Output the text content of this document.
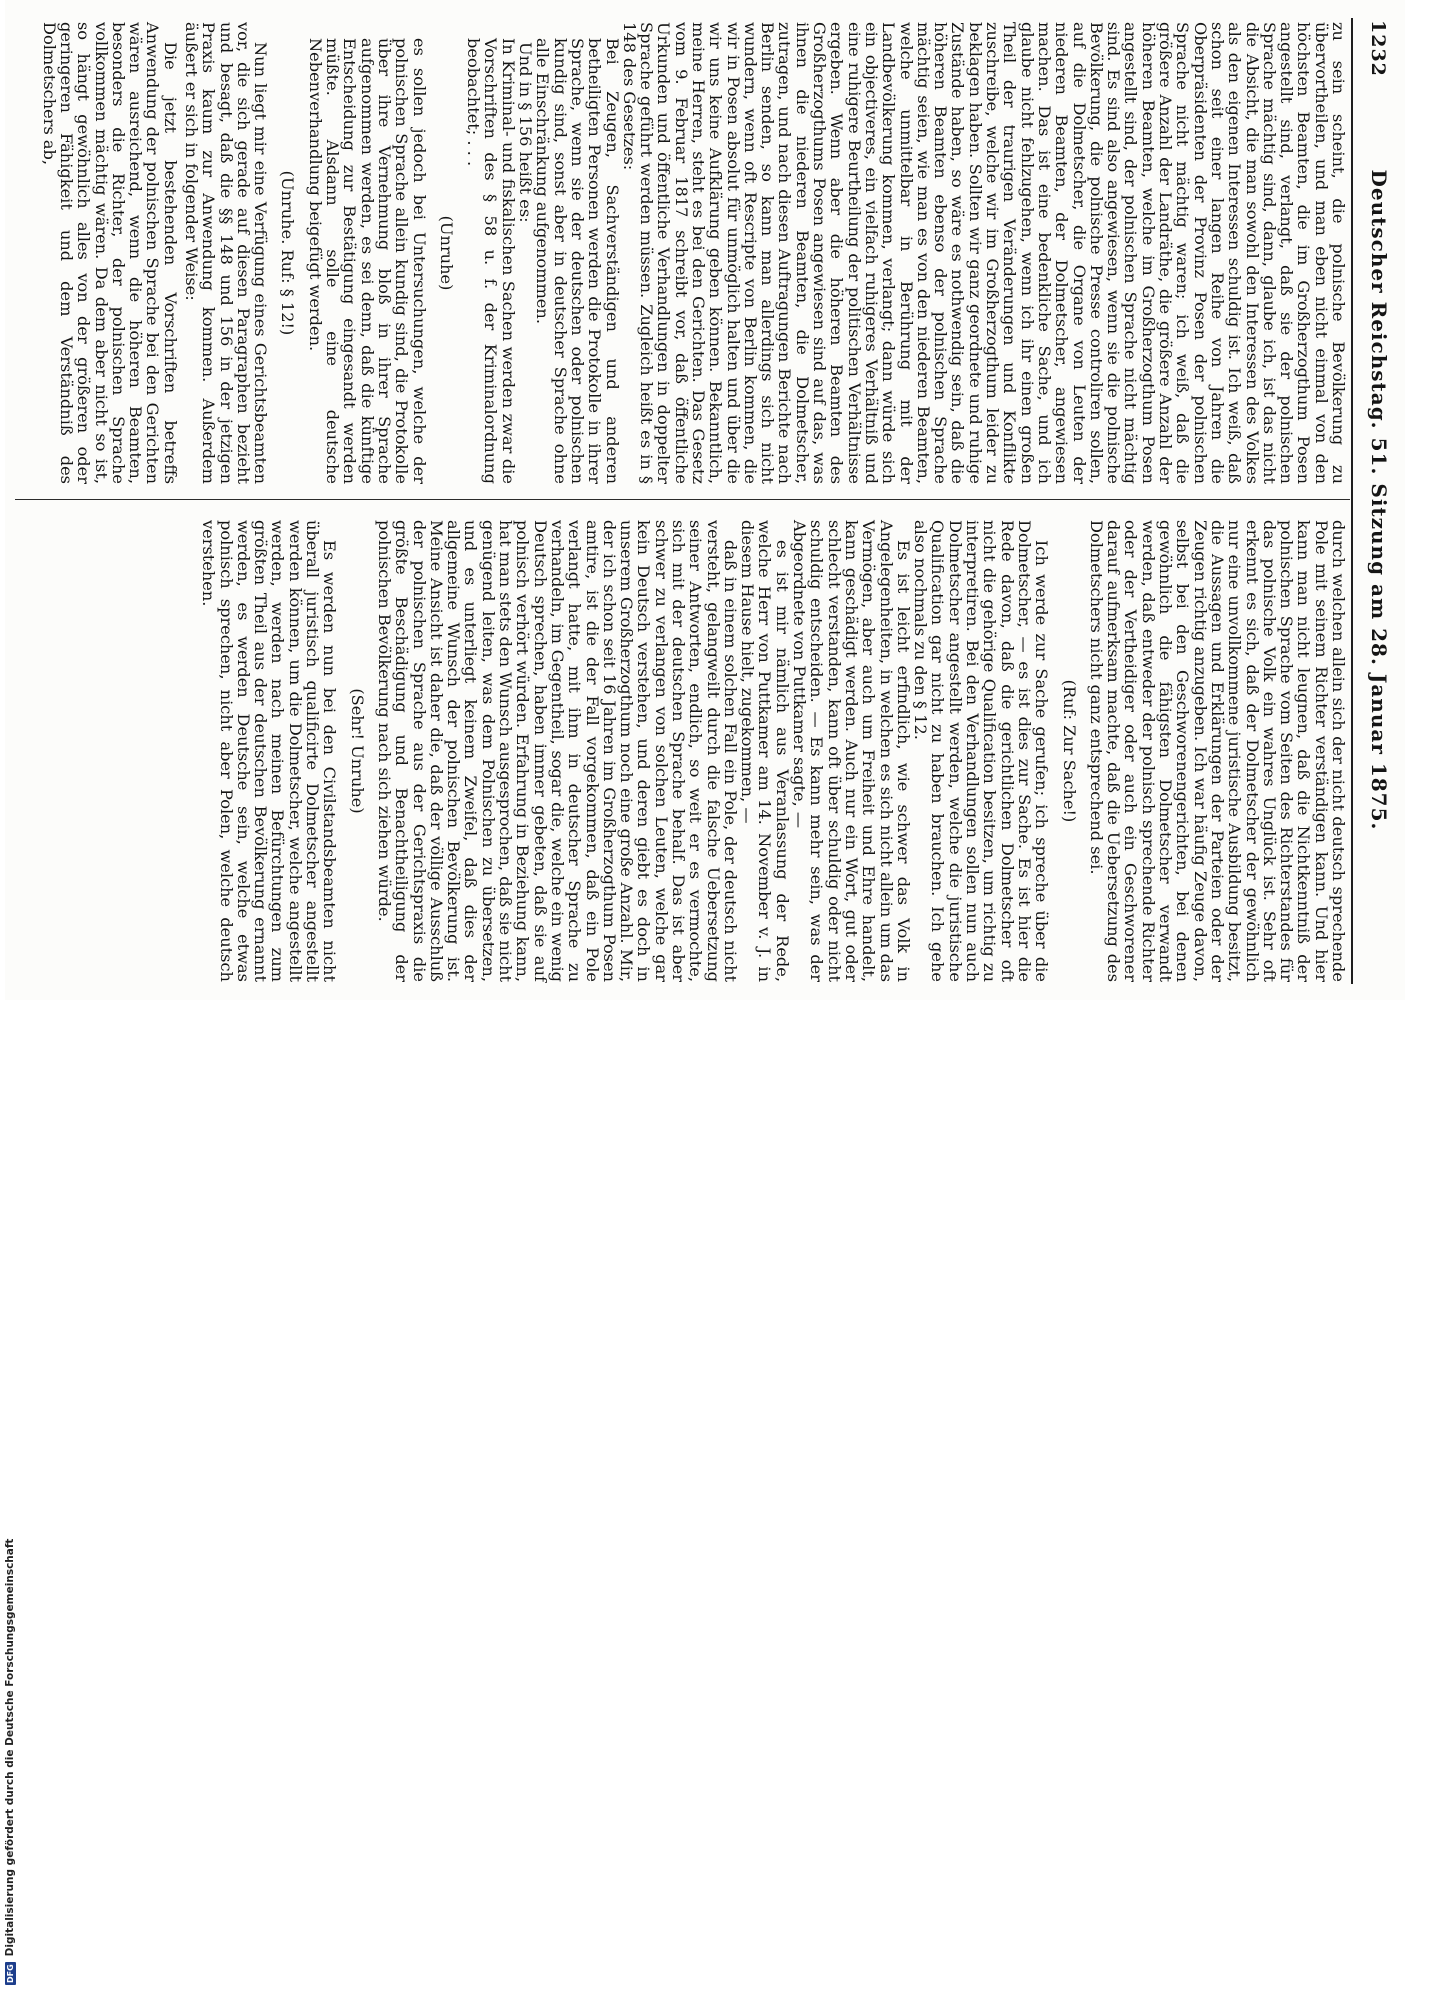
1232
Deutscher Reichstag. 51. Sitzung am 28. Januar 1875.

zu sein scheint, die polnische Bevölkerung zu übervortheilen, und man eben nicht einmal von den höchsten Beamten, die im Großherzogthum Posen angestellt sind, verlangt, daß sie der polnischen Sprache mächtig sind, dann, glaube ich, ist das nicht die Absicht, die man sowohl den Interessen des Volkes als den eigenen Interessen schuldig ist. Ich weiß, daß schon seit einer langen Reihe von Jahren die Oberpräsidenten der Provinz Posen der polnischen Sprache nicht mächtig waren; ich weiß, daß die größere Anzahl der Landräthe, die größere Anzahl der höheren Beamten, welche im Großherzogthum Posen angestellt sind, der polnischen Sprache nicht mächtig sind. Es sind also angewiesen, wenn sie die polnische Bevölkerung, die polnische Presse controliren sollen, auf die Dolmetscher, die Organe von Leuten der niederen Beamten, der Dolmetscher, angewiesen machen. Das ist eine bedenkliche Sache, und ich glaube nicht fehlzugehen, wenn ich ihr einen großen Theil der traurigen Veränderungen und Konflikte zuschreibe, welche wir im Großherzogthum leider zu beklagen haben. Sollten wir ganz geordnete und ruhige Zustände haben, so wäre es nothwendig sein, daß die höheren Beamten ebenso der polnischen Sprache mächtig seien, wie man es von den niederen Beamten, welche unmittelbar in Berührung mit der Landbevölkerung kommen, verlangt; dann würde sich ein objectiveres, ein vielfach ruhigeres Verhältniß und eine ruhigere Beurtheilung der politischen Verhältnisse ergeben. Wenn aber die höheren Beamten des Großherzogthums Posen angewiesen sind auf das, was ihnen die niederen Beamten, die Dolmetscher, zutragen, und nach diesen Auftragungen Berichte nach Berlin senden, so kann man allerdings sich nicht wundern, wenn oft Rescripte von Berlin kommen, die wir in Posen absolut für unmöglich halten und über die wir uns keine Aufklärung geben können. Bekanntlich, meine Herren, steht es bei den Gerichten. Das Gesetz vom 9. Februar 1817 schreibt vor, daß öffentliche Urkunden und öffentliche Verhandlungen in doppelter Sprache geführt werden müssen. Zugleich heißt es in § 148 des Gesetzes:

Bei Zeugen, Sachverständigen und anderen betheiligten Personen werden die Protokolle in ihrer Sprache, wenn sie der deutschen oder polnischen kundig sind, sonst aber in deutscher Sprache ohne alle Einschränkung aufgenommen.

Und in § 156 heißt es:

In Kriminal- und fiskalischen Sachen werden zwar die Vorschriften des § 58 u. f. der Kriminalordnung beobachtet; . . .

(Unruhe)

es sollen jedoch bei Untersuchungen, welche der polnischen Sprache allein kundig sind, die Protokolle über ihre Vernehmung bloß in ihrer Sprache aufgenommen werden, es sei denn, daß die künftige Entscheidung zur Bestätigung eingesandt werden müßte. Alsdann solle eine deutsche Nebenverhandlung beigefügt werden.

(Unruhe. Ruf: § 12!)

Nun liegt mir eine Verfügung eines Gerichtsbeamten vor, die sich gerade auf diesen Paragraphen bezieht und besagt, daß die §§ 148 und 156 in der jetzigen Praxis kaum zur Anwendung kommen. Außerdem äußert er sich in folgender Weise:

Die jetzt bestehenden Vorschriften betreffs Anwendung der polnischen Sprache bei den Gerichten wären ausreichend, wenn die höheren Beamten, besonders die Richter, der polnischen Sprache vollkommen mächtig wären. Da dem aber nicht so ist, so hängt gewöhnlich alles von der größeren oder geringeren Fähigkeit und dem Verständniß des Dolmetschers ab,

durch welchen allein sich der nicht deutsch sprechende Pole mit seinem Richter verständigen kann. Und hier kann man nicht leugnen, daß die Nichtkenntniß der polnischen Sprache vom Seiten des Richterstandes für das polnische Volk ein wahres Unglück ist. Sehr oft erkennt es sich, daß der Dolmetscher der gewöhnlich nur eine unvollkommene juristische Ausbildung besitzt, die Aussagen und Erklärungen der Parteien oder der Zeugen richtig anzugeben. Ich war häufig Zeuge davon, selbst bei den Geschworenengerichten, bei denen gewöhnlich die fähigsten Dolmetscher verwandt werden, daß entweder der polnisch sprechende Richter oder der Vertheidiger oder auch ein Geschworener darauf aufmerksam machte, daß die Uebersetzung des Dolmetschers nicht ganz entsprechend sei.

(Ruf: Zur Sache!)

Ich werde zur Sache gerufen; ich spreche über die Dolmetscher, — es ist dies zur Sache. Es ist hier die Rede davon, daß die gerichtlichen Dolmetscher oft nicht die gehörige Qualification besitzen, um richtig zu interpretiren. Bei den Verhandlungen sollen nun auch Dolmetscher angestellt werden, welche die juristische Qualification gar nicht zu haben brauchen. Ich gehe also nochmals zu den § 12.

Es ist leicht erfindlich, wie schwer das Volk in Angelegenheiten, in welchen es sich nicht allein um das Vermögen, aber auch um Freiheit und Ehre handelt, kann geschädigt werden. Auch nur ein Wort, gut oder schlecht verstanden, kann oft über schuldig oder nicht schuldig entscheiden. — Es kann mehr sein, was der Abgeordnete von Puttkamer sagte, —

es ist mir nämlich aus Veranlassung der Rede, welche Herr von Puttkamer am 14. November v. J. in diesem Hause hielt, zugekommen, —

daß in einem solchen Fall ein Pole, der deutsch nicht versteht, gelangweilt durch die falsche Uebersetzung seiner Antworten, endlich, so weit er es vermochte, sich mit der deutschen Sprache behalf. Das ist aber schwer zu verlangen von solchen Leuten, welche gar kein Deutsch verstehen, und deren giebt es doch in unserem Großherzogthum noch eine große Anzahl. Mir, der ich schon seit 16 Jahren im Großherzogthum Posen amtire, ist die der Fall vorgekommen, daß ein Pole verlangt hatte, mit ihm in deutscher Sprache zu verhandeln, im Gegentheil, sogar die, welche ein wenig Deutsch sprechen, haben immer gebeten, daß sie auf polnisch verhört würden. Erfahrung in Beziehung kann, hat man stets den Wunsch ausgesprochen, daß sie nicht genügend leiten, was dem Polnischen zu übersetzen, und es unterliegt keinem Zweifel, daß dies der allgemeine Wunsch der polnischen Bevölkerung ist. Meine Ansicht ist daher die, daß der völlige Ausschluß der polnischen Sprache aus der Gerichtspraxis die größte Beschädigung und Benachtheiligung der polnischen Bevölkerung nach sich ziehen würde.

(Sehr! Unruhe)

Es werden nun bei den Civilstandsbeamten nicht überall juristisch qualificirte Dolmetscher angestellt werden können, um die Dolmetscher, welche angestellt werden, werden nach meinen Befürchtungen zum größten Theil aus der deutschen Bevölkerung ernannt werden, es werden Deutsche sein, welche etwas polnisch sprechen, nicht aber Polen, welche deutsch verstehen.

DFG
Digitalisierung gefördert durch die Deutsche Forschungsgemeinschaft
